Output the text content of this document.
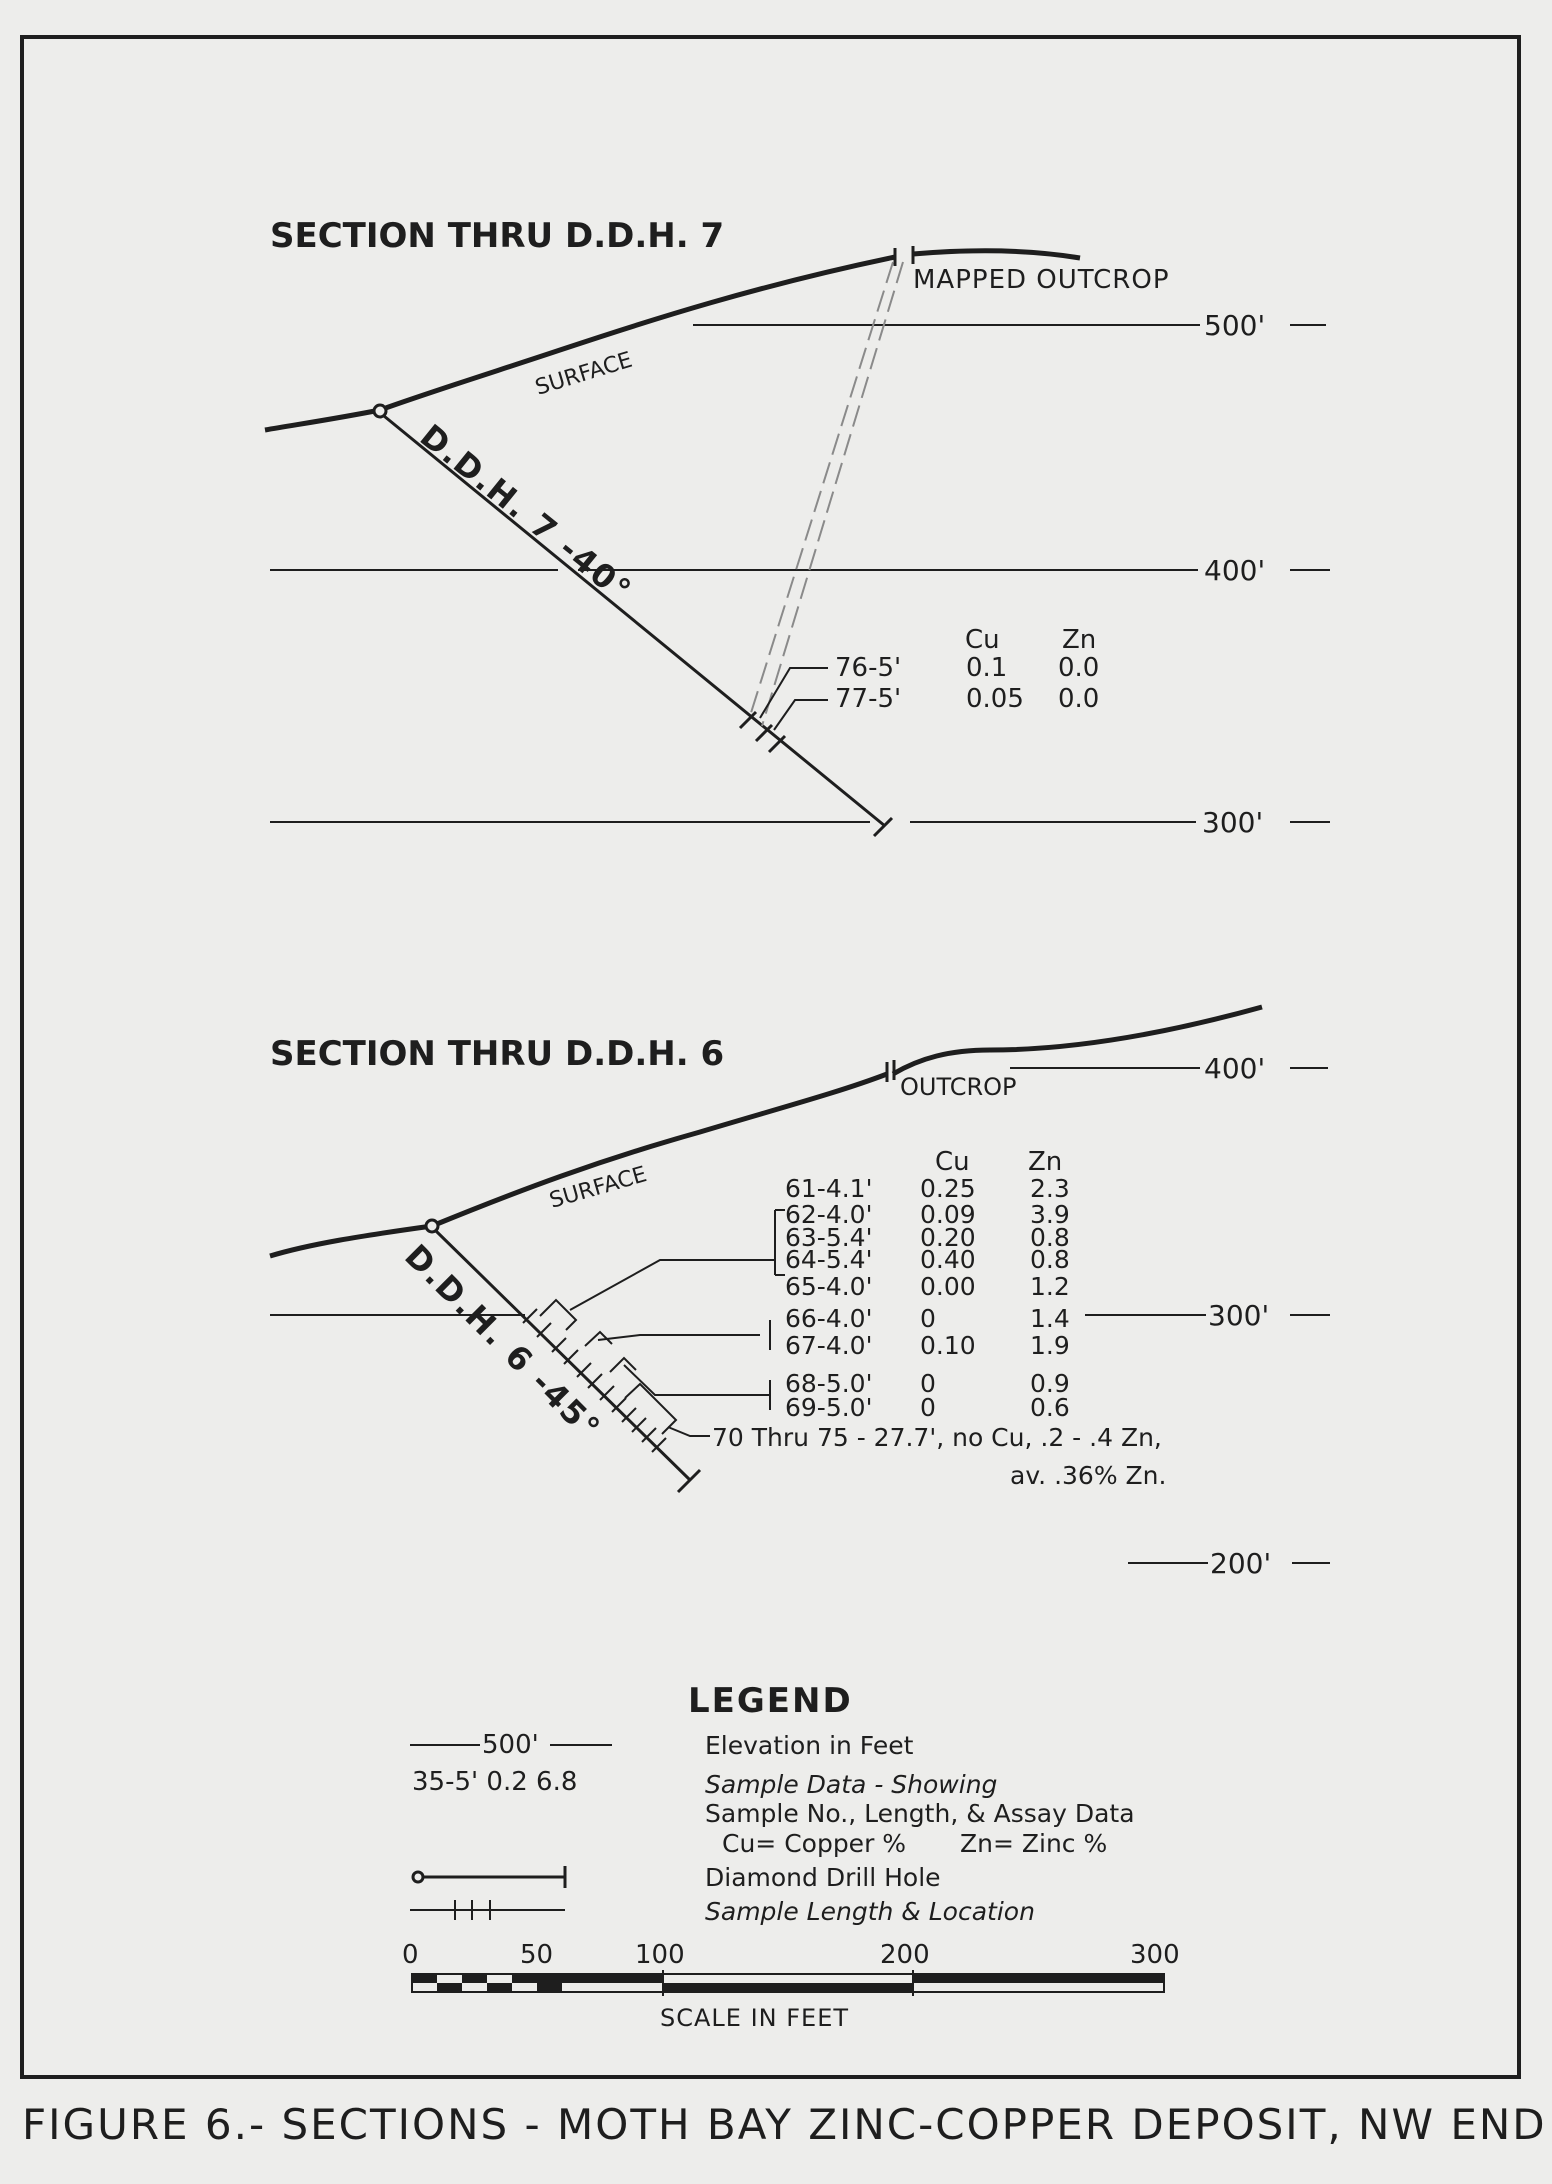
SECTION THRU D.D.H. 7
500'
400'
300'
SURFACE
MAPPED OUTCROP
D.D.H. 7 -40°
Cu Zn
76-5' 0.1 0.0
77-5' 0.05 0.0
SECTION THRU D.D.H. 6	400'
300'
200'
SURFACE
OUTCROP
D.D.H. 6 -45°
Cu Zn
61-4.1' 0.25 2.3
62-4.0' 0.09 3.9
63-5.4' 0.20 0.8
64-5.4' 0.40 0.8
65-4.0' 0.00 1.2
66-4.0' 0	1.4
67-4.0' 0.10 1.9
68-5.0' 0	0.9
69-5.0' 0	0.6
70 Thru 75 - 27.7', no Cu, .2 - .4 Zn,
av. .36% Zn.
LEGEND
500'	Elevation in Feet
35-5' 0.2 6.8	Sample Data - Showing
Sample No., Length, & Assay Data
Cu= Copper % Zn= Zinc %
Diamond Drill Hole
Sample Length & Location
0	50	100	200	300
SCALE IN FEET
FIGURE 6.- SECTIONS - MOTH BAY ZINC-COPPER DEPOSIT, NW END
